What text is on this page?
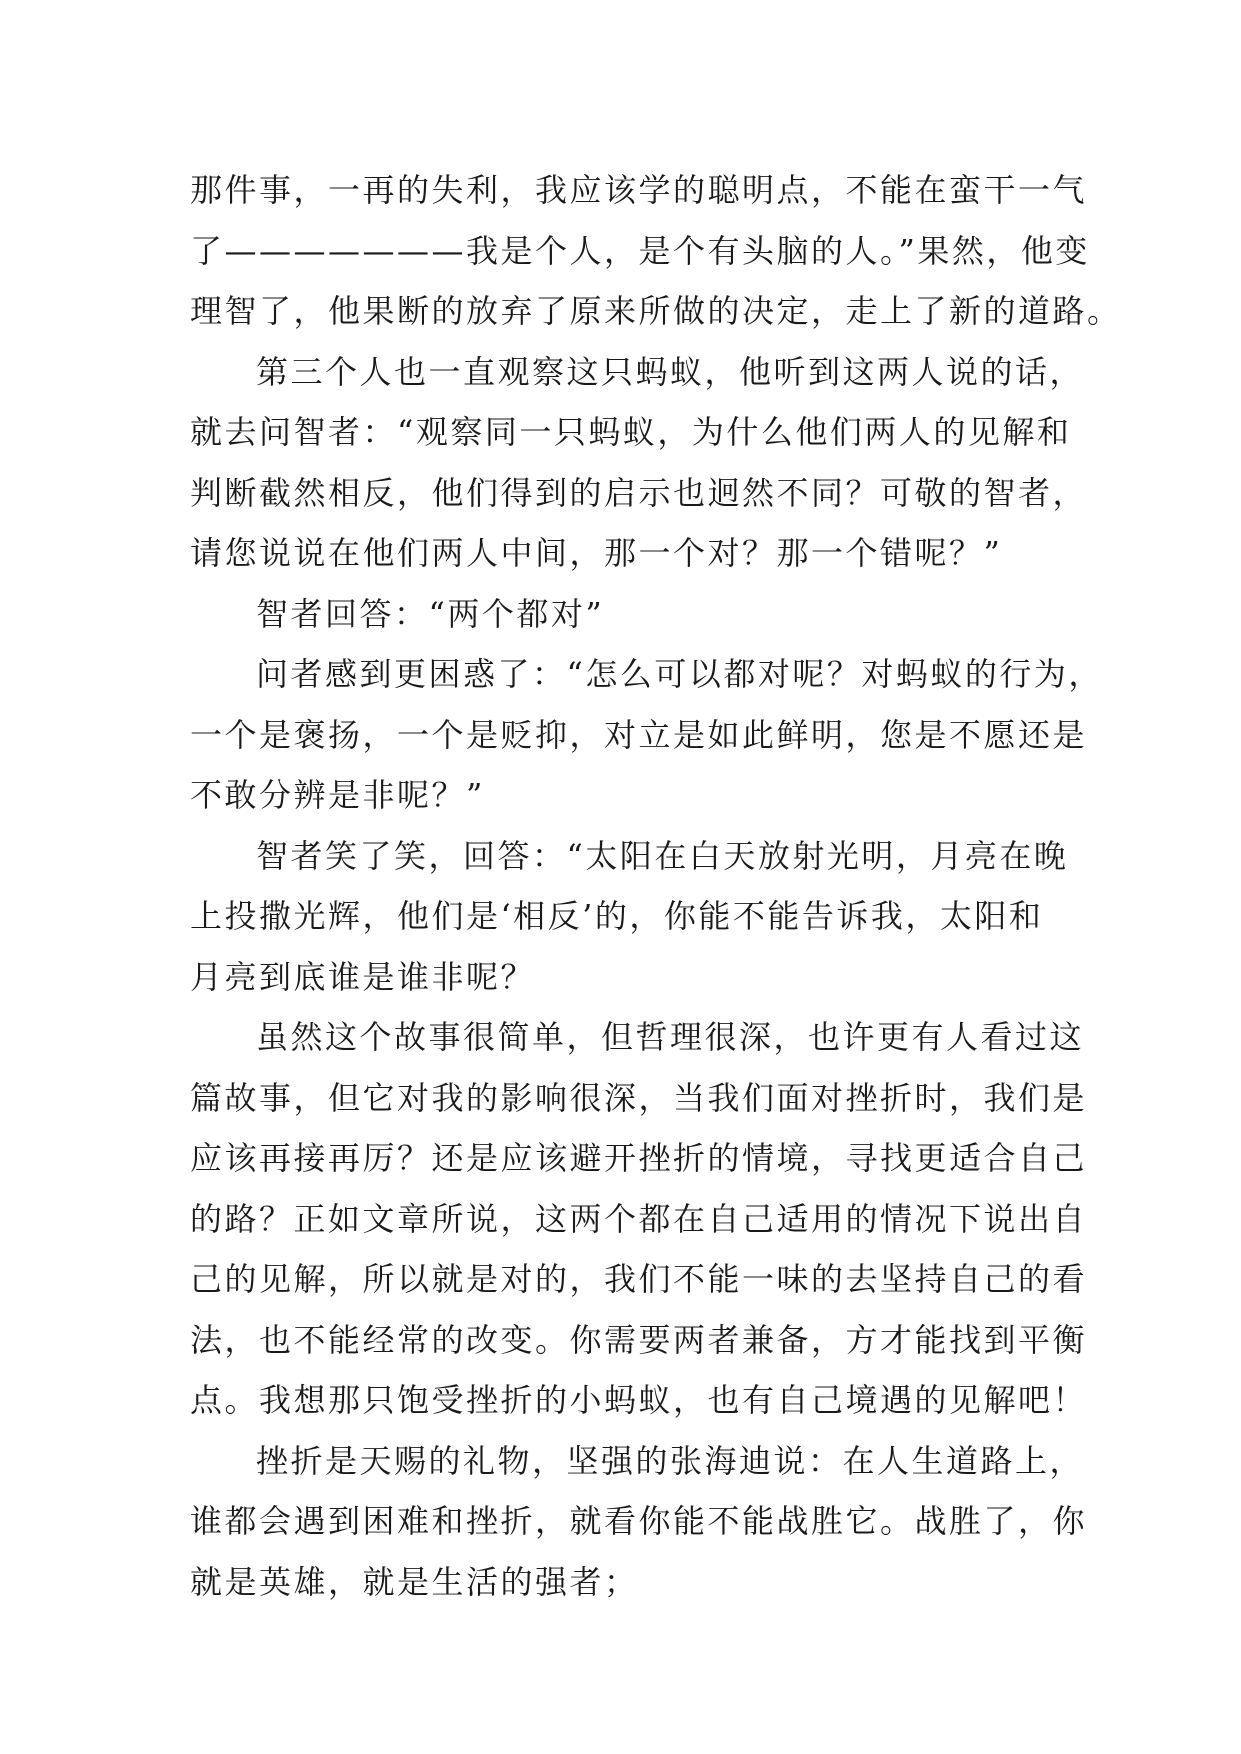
那件事，一再的失利，我应该学的聪明点，不能在蛮干一气
了———————我是个人，是个有头脑的人。”果然，他变
理智了，他果断的放弃了原来所做的决定，走上了新的道路。
第三个人也一直观察这只蚂蚁，他听到这两人说的话，
就去问智者：“观察同一只蚂蚁，为什么他们两人的见解和
判断截然相反，他们得到的启示也迥然不同？可敬的智者，
请您说说在他们两人中间，那一个对？那一个错呢？”
智者回答：“两个都对”
问者感到更困惑了：“怎么可以都对呢？对蚂蚁的行为，
一个是褒扬，一个是贬抑，对立是如此鲜明，您是不愿还是
不敢分辨是非呢？”
智者笑了笑，回答：“太阳在白天放射光明，月亮在晚
上投撒光辉，他们是‘相反’的，你能不能告诉我，太阳和
月亮到底谁是谁非呢？
虽然这个故事很简单，但哲理很深，也许更有人看过这
篇故事，但它对我的影响很深，当我们面对挫折时，我们是
应该再接再厉？还是应该避开挫折的情境，寻找更适合自己
的路？正如文章所说，这两个都在自己适用的情况下说出自
己的见解，所以就是对的，我们不能一味的去坚持自己的看
法，也不能经常的改变。你需要两者兼备，方才能找到平衡
点。我想那只饱受挫折的小蚂蚁，也有自己境遇的见解吧！
挫折是天赐的礼物，坚强的张海迪说：在人生道路上，
谁都会遇到困难和挫折，就看你能不能战胜它。战胜了，你
就是英雄，就是生活的强者；
